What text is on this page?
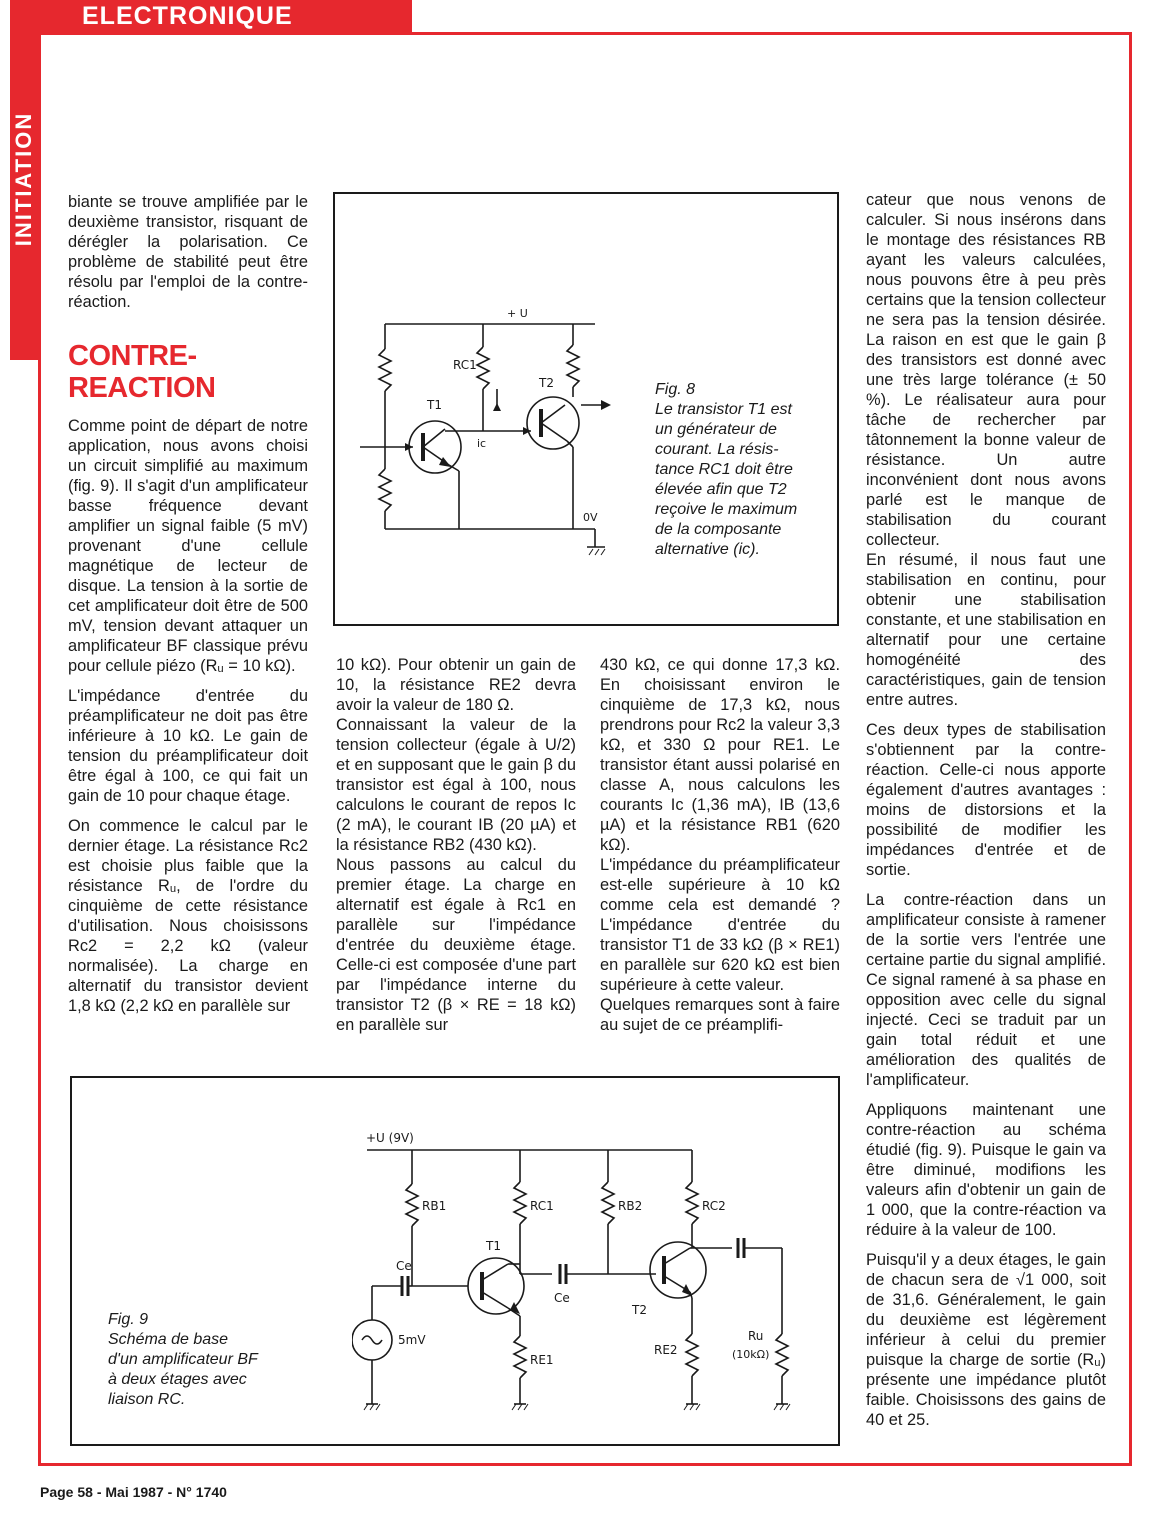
ELECTRONIQUE
INITIATION biante se trouve amplifiée par le deuxième transistor, risquant de dérégler la polarisation. Ce problème de stabilité peut être résolu par l'emploi de la contre-réaction.

CONTRE-
REACTION

Comme point de départ de notre application, nous avons choisi un circuit simplifié au maximum (fig. 9). Il s'agit d'un amplificateur basse fréquence devant amplifier un signal faible (5 mV) provenant d'une cellule magnétique de lecteur de disque. La tension à la sortie de cet amplificateur doit être de 500 mV, tension devant attaquer un amplificateur BF classique prévu pour cellule piézo (Rᵤ = 10 kΩ).

L'impédance d'entrée du préamplificateur ne doit pas être inférieure à 10 kΩ. Le gain de tension du préamplificateur doit être égal à 100, ce qui fait un gain de 10 pour chaque étage.

On commence le calcul par le dernier étage. La résistance Rc2 est choisie plus faible que la résistance Rᵤ, de l'ordre du cinquième de cette résistance d'utilisation. Nous choisissons Rc2 = 2,2 kΩ (valeur normalisée). La charge en alternatif du transistor devient 1,8 kΩ (2,2 kΩ en parallèle sur

+ U
RC1
T1
T2
ic
0V
Fig. 8
Le transistor T1 est
un générateur de
courant. La résis-
tance RC1 doit être
élevée afin que T2
reçoive le maximum
de la composante
alternative (ic).

10 kΩ). Pour obtenir un gain de 10, la résistance RE2 devra avoir la valeur de 180 Ω.

Connaissant la valeur de la tension collecteur (égale à U/2) et en supposant que le gain β du transistor est égal à 100, nous calculons le courant de repos Ic (2 mA), le courant IB (20 µA) et la résistance RB2 (430 kΩ).

Nous passons au calcul du premier étage. La charge en alternatif est égale à Rc1 en parallèle sur l'impédance d'entrée du deuxième étage. Celle-ci est composée d'une part par l'impédance interne du transistor T2 (β × RE = 18 kΩ) en parallèle sur

430 kΩ, ce qui donne 17,3 kΩ. En choisissant environ le cinquième de 17,3 kΩ, nous prendrons pour Rc2 la valeur 3,3 kΩ, et 330 Ω pour RE1. Le transistor étant aussi polarisé en classe A, nous calculons les courants Ic (1,36 mA), IB (13,6 µA) et la résistance RB1 (620 kΩ).

L'impédance du préamplificateur est-elle supérieure à 10 kΩ comme cela est demandé ? L'impédance d'entrée du transistor T1 de 33 kΩ (β × RE1) en parallèle sur 620 kΩ est bien supérieure à cette valeur.

Quelques remarques sont à faire au sujet de ce préamplifi-

cateur que nous venons de calculer. Si nous insérons dans le montage des résistances RB ayant les valeurs calculées, nous pouvons être à peu près certains que la tension collecteur ne sera pas la tension désirée. La raison en est que le gain β des transistors est donné avec une très large tolérance (± 50 %). Le réalisateur aura pour tâche de rechercher par tâtonnement la bonne valeur de résistance. Un autre inconvénient dont nous avons parlé est le manque de stabilisation du courant collecteur.

En résumé, il nous faut une stabilisation en continu, pour obtenir une stabilisation constante, et une stabilisation en alternatif pour une certaine homogénéité des caractéristiques, gain de tension entre autres.

Ces deux types de stabilisation s'obtiennent par la contre-réaction. Celle-ci nous apporte également d'autres avantages : moins de distorsions et la possibilité de modifier les impédances d'entrée et de sortie.

La contre-réaction dans un amplificateur consiste à ramener de la sortie vers l'entrée une certaine partie du signal amplifié. Ce signal ramené à sa phase en opposition avec celle du signal injecté. Ceci se traduit par un gain total réduit et une amélioration des qualités de l'amplificateur.

Appliquons maintenant une contre-réaction au schéma étudié (fig. 9). Puisque le gain va être diminué, modifions les valeurs afin d'obtenir un gain de 1 000, que la contre-réaction va réduire à la valeur de 100.

Puisqu'il y a deux étages, le gain de chacun sera de √1 000, soit de 31,6. Généralement, le gain du deuxième est légèrement inférieur à celui du premier puisque la charge de sortie (Rᵤ) présente une impédance plutôt faible. Choisissons des gains de 40 et 25.

Fig. 9
Schéma de base
d'un amplificateur BF
à deux étages avec
liaison RC.
+U (9V)
RB1	RC1	RB2	RC2
T1
T2
Ce
Ce
5mV
RE1
RE2
Ru
(10kΩ)
Page 58 - Mai 1987 - N° 1740
